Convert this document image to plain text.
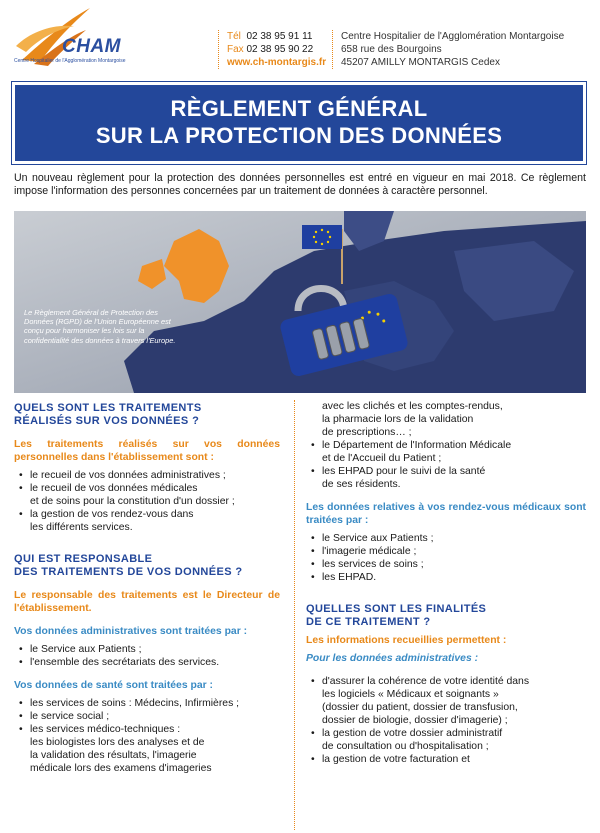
CHAM
Centre Hospitalier de l'Agglomération Montargoise
Tél 02 38 95 91 11
Fax 02 38 95 90 22
www.ch-montargis.fr
Centre Hospitalier de l'Agglomération Montargoise
658 rue des Bourgoins
45207 AMILLY MONTARGIS Cedex
RÈGLEMENT GÉNÉRAL
SUR LA PROTECTION DES DONNÉES

Un nouveau règlement pour la protection des données personnelles est entré en vigueur en mai 2018. Ce règlement impose l'information des personnes concernées par un traitement de données à caractère personnel.

Le Règlement Général de Protection des Données (RGPD) de l'Union Européenne est conçu pour harmoniser les lois sur la confidentialité des données à travers l'Europe.

QUELS SONT LES TRAITEMENTS
RÉALISÉS SUR VOS DONNÉES ?
Les traitements réalisés sur vos données personnelles dans l'établissement sont :
• le recueil de vos données administratives ;
• le recueil de vos données médicales
et de soins pour la constitution d'un dossier ;
• la gestion de vos rendez-vous dans
les différents services.
QUI EST RESPONSABLE
DES TRAITEMENTS DE VOS DONNÉES ?
Le responsable des traitements est le Directeur de l'établissement.
Vos données administratives sont traitées par :
• le Service aux Patients ;
• l'ensemble des secrétariats des services.
Vos données de santé sont traitées par :
• les services de soins : Médecins, Infirmières ;
• le service social ;
• les services médico-techniques :
les biologistes lors des analyses et de
la validation des résultats, l'imagerie
médicale lors des examens d'imageries
avec les clichés et les comptes-rendus,
la pharmacie lors de la validation
de prescriptions… ;
• le Département de l'Information Médicale
et de l'Accueil du Patient ;
• les EHPAD pour le suivi de la santé
de ses résidents.
Les données relatives à vos rendez-vous médicaux sont traitées par :
• le Service aux Patients ;
• l'imagerie médicale ;
• les services de soins ;
• les EHPAD.
QUELLES SONT LES FINALITÉS
DE CE TRAITEMENT ?
Les informations recueillies permettent :
Pour les données administratives :
• d'assurer la cohérence de votre identité dans
les logiciels « Médicaux et soignants »
(dossier du patient, dossier de transfusion,
dossier de biologie, dossier d'imagerie) ;
• la gestion de votre dossier administratif
de consultation ou d'hospitalisation ;
• la gestion de votre facturation et
